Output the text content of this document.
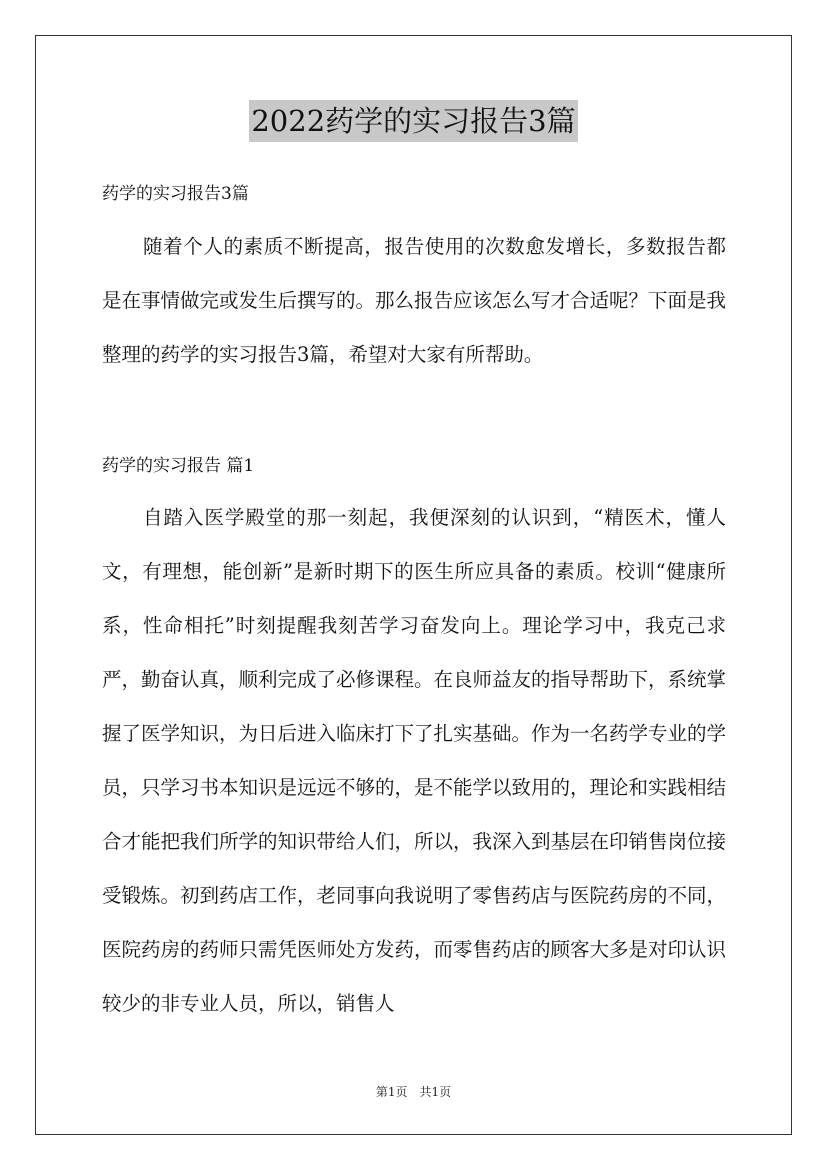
2022药学的实习报告3篇
药学的实习报告3篇

随着个人的素质不断提高，报告使用的次数愈发增长，多数报告都是在事情做完或发生后撰写的。那么报告应该怎么写才合适呢？下面是我整理的药学的实习报告3篇，希望对大家有所帮助。

药学的实习报告 篇1

自踏入医学殿堂的那一刻起，我便深刻的认识到，“精医术，懂人文，有理想，能创新”是新时期下的医生所应具备的素质。校训“健康所系，性命相托”时刻提醒我刻苦学习奋发向上。理论学习中，我克己求严，勤奋认真，顺利完成了必修课程。在良师益友的指导帮助下，系统掌握了医学知识，为日后进入临床打下了扎实基础。作为一名药学专业的学员，只学习书本知识是远远不够的，是不能学以致用的，理论和实践相结合才能把我们所学的知识带给人们，所以，我深入到基层在印销售岗位接受锻炼。初到药店工作，老同事向我说明了零售药店与医院药房的不同，医院药房的药师只需凭医师处方发药，而零售药店的顾客大多是对印认识较少的非专业人员，所以，销售人

第1页　共1页
